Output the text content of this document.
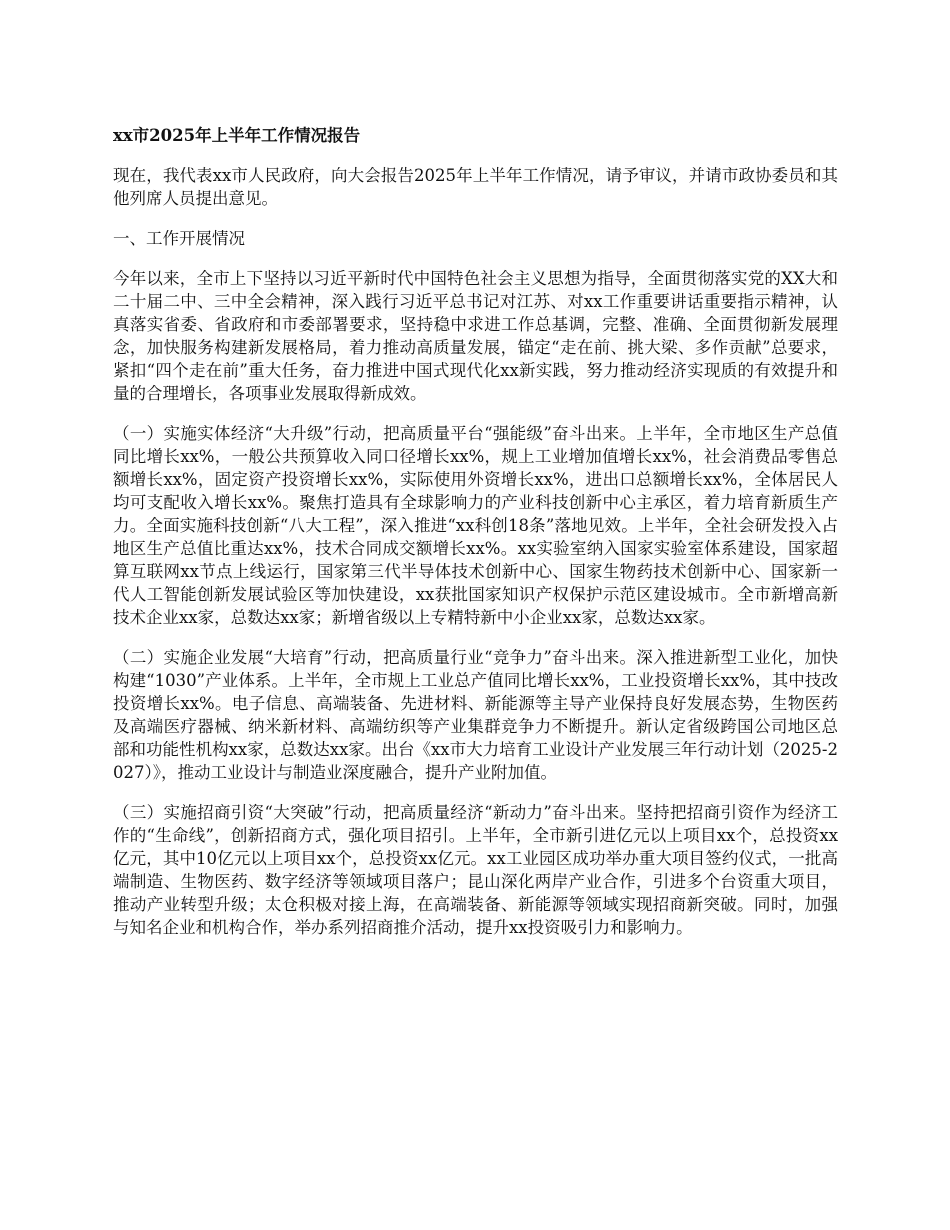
xx市2025年上半年工作情况报告
现在，我代表xx市人民政府，向大会报告2025年上半年工作情况，请予审议，并请市政协委员和其他列席人员提出意见。
一、工作开展情况
今年以来，全市上下坚持以习近平新时代中国特色社会主义思想为指导，全面贯彻落实党的XX大和二十届二中、三中全会精神，深入践行习近平总书记对江苏、对xx工作重要讲话重要指示精神，认真落实省委、省政府和市委部署要求，坚持稳中求进工作总基调，完整、准确、全面贯彻新发展理念，加快服务构建新发展格局，着力推动高质量发展，锚定“走在前、挑大梁、多作贡献”总要求，紧扣“四个走在前”重大任务，奋力推进中国式现代化xx新实践，努力推动经济实现质的有效提升和量的合理增长，各项事业发展取得新成效。
（一）实施实体经济“大升级”行动，把高质量平台“强能级”奋斗出来。上半年，全市地区生产总值同比增长xx%，一般公共预算收入同口径增长xx%，规上工业增加值增长xx%，社会消费品零售总额增长xx%，固定资产投资增长xx%，实际使用外资增长xx%，进出口总额增长xx%，全体居民人均可支配收入增长xx%。聚焦打造具有全球影响力的产业科技创新中心主承区，着力培育新质生产力。全面实施科技创新“八大工程”，深入推进“xx科创18条”落地见效。上半年，全社会研发投入占地区生产总值比重达xx%，技术合同成交额增长xx%。xx实验室纳入国家实验室体系建设，国家超算互联网xx节点上线运行，国家第三代半导体技术创新中心、国家生物药技术创新中心、国家新一代人工智能创新发展试验区等加快建设，xx获批国家知识产权保护示范区建设城市。全市新增高新技术企业xx家，总数达xx家；新增省级以上专精特新中小企业xx家，总数达xx家。
（二）实施企业发展“大培育”行动，把高质量行业“竞争力”奋斗出来。深入推进新型工业化，加快构建“1030”产业体系。上半年，全市规上工业总产值同比增长xx%，工业投资增长xx%，其中技改投资增长xx%。电子信息、高端装备、先进材料、新能源等主导产业保持良好发展态势，生物医药及高端医疗器械、纳米新材料、高端纺织等产业集群竞争力不断提升。新认定省级跨国公司地区总部和功能性机构xx家，总数达xx家。出台《xx市大力培育工业设计产业发展三年行动计划（2025-2027）》，推动工业设计与制造业深度融合，提升产业附加值。
（三）实施招商引资“大突破”行动，把高质量经济“新动力”奋斗出来。坚持把招商引资作为经济工作的“生命线”，创新招商方式，强化项目招引。上半年，全市新引进亿元以上项目xx个，总投资xx亿元，其中10亿元以上项目xx个，总投资xx亿元。xx工业园区成功举办重大项目签约仪式，一批高端制造、生物医药、数字经济等领域项目落户；昆山深化两岸产业合作，引进多个台资重大项目，推动产业转型升级；太仓积极对接上海，在高端装备、新能源等领域实现招商新突破。同时，加强与知名企业和机构合作，举办系列招商推介活动，提升xx投资吸引力和影响力。
